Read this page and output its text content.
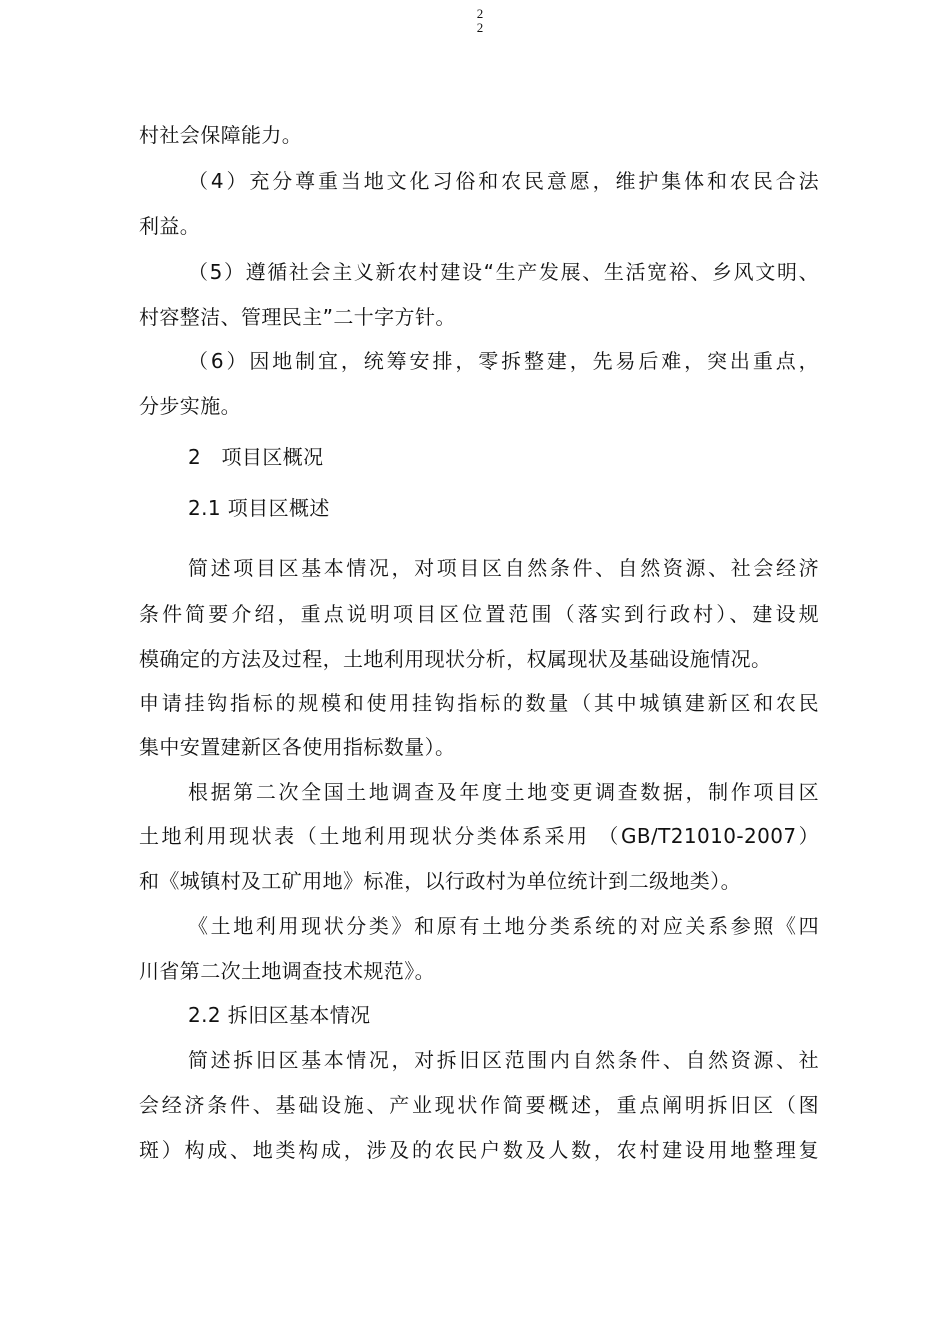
2
2
村社会保障能力。
（4）充分尊重当地文化习俗和农民意愿，维护集体和农民合法
利益。
（5）遵循社会主义新农村建设“生产发展、生活宽裕、乡风文明、
村容整洁、管理民主”二十字方针。
（6）因地制宜，统筹安排，零拆整建，先易后难，突出重点，
分步实施。
2　项目区概况
2.1 项目区概述
简述项目区基本情况，对项目区自然条件、自然资源、社会经济
条件简要介绍，重点说明项目区位置范围（落实到行政村）、建设规
模确定的方法及过程，土地利用现状分析，权属现状及基础设施情况。
申请挂钩指标的规模和使用挂钩指标的数量（其中城镇建新区和农民
集中安置建新区各使用指标数量）。
根据第二次全国土地调查及年度土地变更调查数据，制作项目区
土地利用现状表（土地利用现状分类体系采用 （GB/T21010-2007）
和《城镇村及工矿用地》标准，以行政村为单位统计到二级地类）。
《土地利用现状分类》和原有土地分类系统的对应关系参照《四
川省第二次土地调查技术规范》。
2.2 拆旧区基本情况
简述拆旧区基本情况，对拆旧区范围内自然条件、自然资源、社
会经济条件、基础设施、产业现状作简要概述，重点阐明拆旧区（图
斑）构成、地类构成，涉及的农民户数及人数，农村建设用地整理复
